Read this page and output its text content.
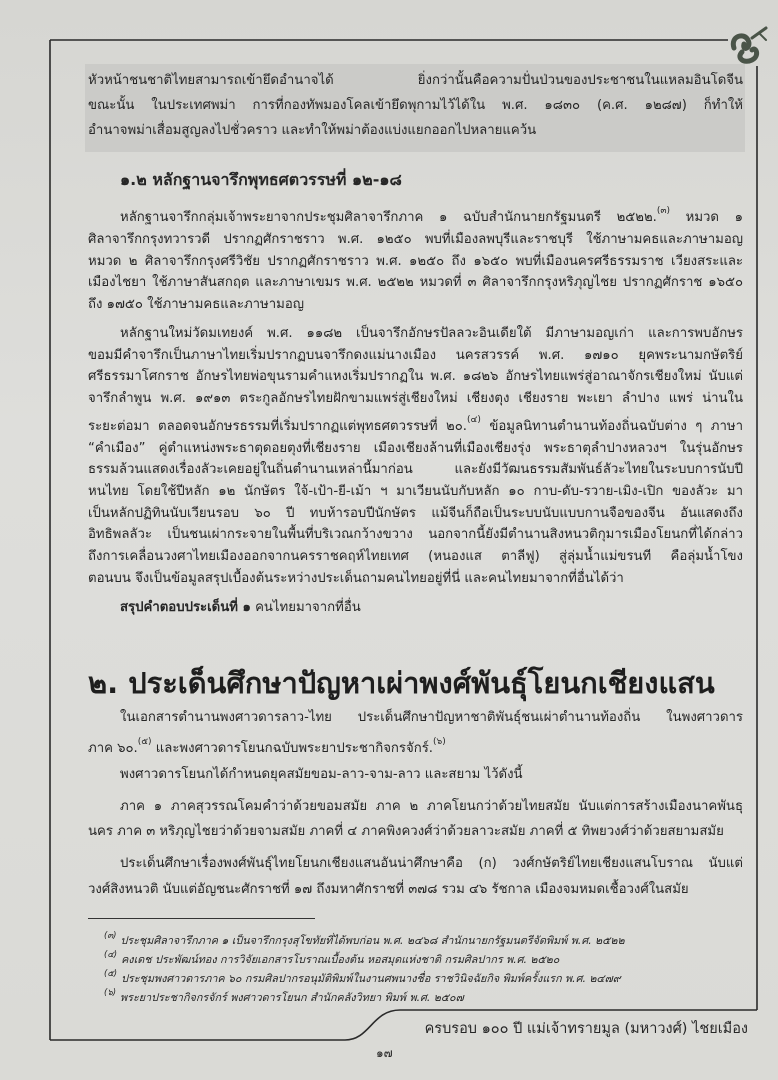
หัวหน้าชนชาติไทยสามารถเข้ายึดอำนาจได้ ยิ่งกว่านั้นคือความปั่นป่วนของประชาชนในแหลมอินโดจีน
ขณะนั้น ในประเทศพม่า การที่กองทัพมองโคลเข้ายึดพุกามไว้ได้ใน พ.ศ. ๑๘๓๐ (ค.ศ. ๑๒๘๗) ก็ทำให้
อำนาจพม่าเสื่อมสูญลงไปชั่วคราว และทำให้พม่าต้องแบ่งแยกออกไปหลายแคว้น
๑.๒ หลักฐานจารึกพุทธศตวรรษที่ ๑๒-๑๘
หลักฐานจารึกกลุ่มเจ้าพระยาจากประชุมศิลาจารึกภาค ๑ ฉบับสำนักนายกรัฐมนตรี ๒๕๒๒.$^{(๓)}$ หมวด ๑
ศิลาจารึกกรุงทวารวดี ปรากฏศักราชราว พ.ศ. ๑๒๕๐ พบที่เมืองลพบุรีและราชบุรี ใช้ภาษามคธและภาษามอญ
หมวด ๒ ศิลาจารึกกรุงศรีวิชัย ปรากฏศักราชราว พ.ศ. ๑๒๕๐ ถึง ๑๖๕๐ พบที่เมืองนครศรีธรรมราช เวียงสระและ
เมืองไชยา ใช้ภาษาสันสกฤต และภาษาเขมร พ.ศ. ๒๕๒๒ หมวดที่ ๓ ศิลาจารึกกรุงหริภุญไชย ปรากฏศักราช ๑๖๕๐
ถึง ๑๗๕๐ ใช้ภาษามคธและภาษามอญ
หลักฐานใหม่วัดมเทยงค์ พ.ศ. ๑๑๘๒ เป็นจารึกอักษรปัลลวะอินเดียใต้ มีภาษามอญเก่า และการพบอักษร
ขอมมีคำจารึกเป็นภาษาไทยเริ่มปรากฏบนจารึกดงแม่นางเมือง นครสวรรค์ พ.ศ. ๑๗๑๐ ยุคพระนามกษัตริย์
ศรีธรรมาโศกราช อักษรไทยพ่อขุนรามคำแหงเริ่มปรากฏใน พ.ศ. ๑๘๒๖ อักษรไทยแพร่สู่อาณาจักรเชียงใหม่ นับแต่
จารึกลำพูน พ.ศ. ๑๙๑๓ ตระกูลอักษรไทยฝักขามแพร่สู่เชียงใหม่ เชียงตุง เชียงราย พะเยา ลำปาง แพร่ น่านใน
ระยะต่อมา ตลอดจนอักษรธรรมที่เริ่มปรากฏแต่พุทธศตวรรษที่ ๒๐.$^{(๔)}$ ข้อมูลนิทานตำนานท้องถิ่นฉบับต่าง ๆ ภาษา
“คำเมือง” คู่ตำแหน่งพระธาตุดอยตุงที่เชียงราย เมืองเชียงล้านที่เมืองเชียงรุ่ง พระธาตุลำปางหลวงฯ ในรุ่นอักษร
ธรรมล้วนแสดงเรื่องลัวะเคยอยู่ในถิ่นตำนานเหล่านี้มาก่อน และยังมีวัฒนธรรมสัมพันธ์ลัวะไทยในระบบการนับปี
หนไทย โดยใช้ปีหลัก ๑๒ นักษัตร ใจ้-เป้า-ยี-เม้า ฯ มาเวียนนับกับหลัก ๑๐ กาบ-ดับ-รวาย-เมิง-เปิก ของลัวะ มา
เป็นหลักปฏิทินนับเวียนรอบ ๖๐ ปี ทบห้ารอบปีนักษัตร แม้จีนก็ถือเป็นระบบนับแบบกานจือของจีน อันแสดงถึง
อิทธิพลลัวะ เป็นชนเผ่ากระจายในพื้นที่บริเวณกว้างขวาง นอกจากนี้ยังมีตำนานสิงหนวติกุมารเมืองโยนกที่ได้กล่าว
ถึงการเคลื่อนวงศาไทยเมืองออกจากนครราชคฤห์ไทยเทศ (หนองแส ตาลีฟู) สู่ลุ่มน้ำแม่ขรนที คือลุ่มน้ำโขง
ตอนบน จึงเป็นข้อมูลสรุปเบื้องต้นระหว่างประเด็นถามคนไทยอยู่ที่นี่ และคนไทยมาจากที่อื่นได้ว่า
สรุปคำตอบประเด็นที่ ๑ คนไทยมาจากที่อื่น
๒. ประเด็นศึกษาปัญหาเผ่าพงศ์พันธุ์โยนกเชียงแสน
ในเอกสารตำนานพงศาวดารลาว-ไทย ประเด็นศึกษาปัญหาชาติพันธุ์ชนเผ่าตำนานท้องถิ่น ในพงศาวดาร
ภาค ๖๐.$^{(๕)}$ และพงศาวดารโยนกฉบับพระยาประชากิจกรจักร์.$^{(๖)}$
พงศาวดารโยนกได้กำหนดยุคสมัยขอม-ลาว-จาม-ลาว และสยาม ไว้ดังนี้
ภาค ๑ ภาคสุวรรณโคมคำว่าด้วยขอมสมัย ภาค ๒ ภาคโยนกว่าด้วยไทยสมัย นับแต่การสร้างเมืองนาคพันธุ
นคร ภาค ๓ หริภุญไชยว่าด้วยจามสมัย ภาคที่ ๔ ภาคพิงควงศ์ว่าด้วยลาวะสมัย ภาคที่ ๕ ทิพยวงศ์ว่าด้วยสยามสมัย
ประเด็นศึกษาเรื่องพงศ์พันธุ์ไทยโยนกเชียงแสนอันน่าศึกษาคือ (ก) วงศ์กษัตริย์ไทยเชียงแสนโบราณ นับแต่
วงศ์สิงหนวติ นับแต่อัญชนะศักราชที่ ๑๗ ถึงมหาศักราชที่ ๓๗๘ รวม ๔๖ รัชกาล เมืองจมหมดเชื้อวงศ์ในสมัย
$^{(๓)}$ ประชุมศิลาจารึกภาค ๑ เป็นจารึกกรุงสุโขทัยที่ได้พบก่อน พ.ศ. ๒๔๖๘ สำนักนายกรัฐมนตรีจัดพิมพ์ พ.ศ. ๒๕๒๒
$^{(๔)}$ คงเดช ประพัฒน์ทอง การวิจัยเอกสารโบราณเบื้องต้น หอสมุดแห่งชาติ กรมศิลปากร พ.ศ. ๒๕๒๐
$^{(๕)}$ ประชุมพงศาวดารภาค ๖๐ กรมศิลปากรอนุมัติพิมพ์ในงานศพนางชื่อ ราชวินิจฉัยกิจ พิมพ์ครั้งแรก พ.ศ. ๒๔๗๙
$^{(๖)}$ พระยาประชากิจกรจักร์ พงศาวดารโยนก สำนักคลังวิทยา พิมพ์ พ.ศ. ๒๕๐๗
ครบรอบ ๑๐๐ ปี แม่เจ้าทรายมูล (มหาวงศ์) ไชยเมือง
๑๗
